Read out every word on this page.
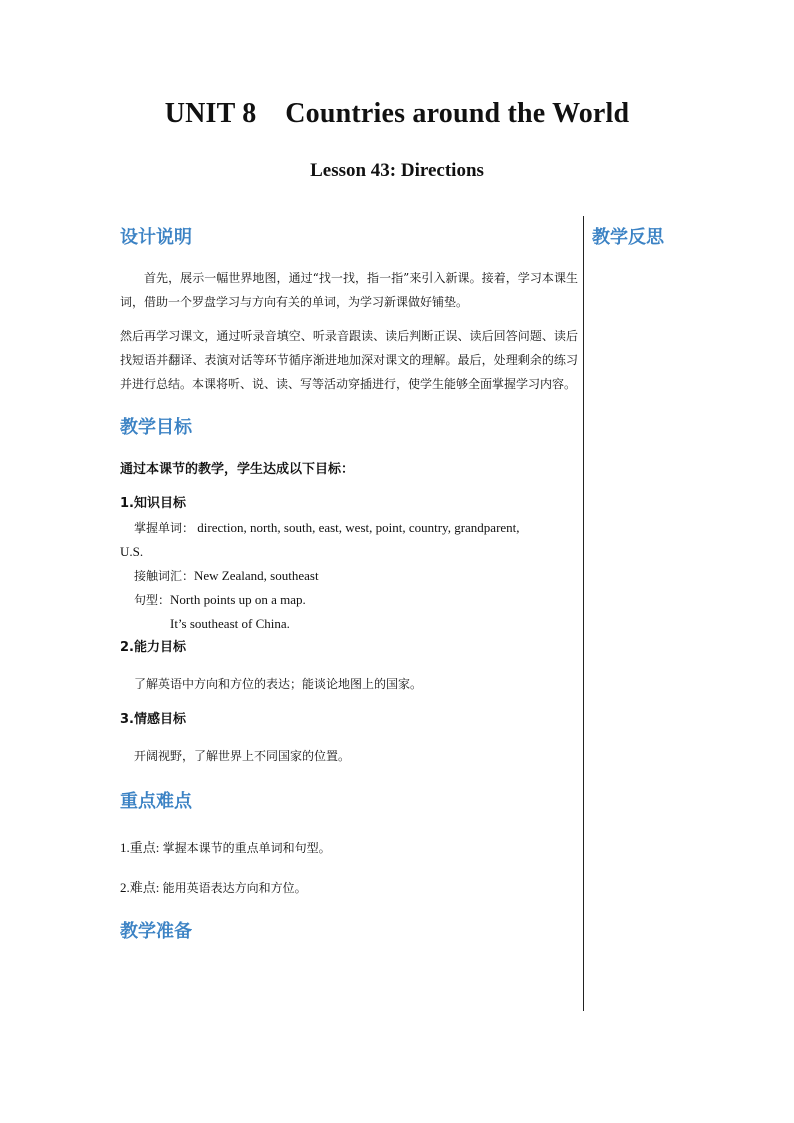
UNIT 8    Countries around the World
Lesson 43: Directions
设计说明

首先，展示一幅世界地图，通过“找一找，指一指”来引入新课。接着，学习本课生词，借助一个罗盘学习与方向有关的单词，为学习新课做好铺垫。

然后再学习课文，通过听录音填空、听录音跟读、读后判断正误、读后回答问题、读后找短语并翻译、表演对话等环节循序渐进地加深对课文的理解。最后，处理剩余的练习并进行总结。本课将听、说、读、写等活动穿插进行，使学生能够全面掌握学习内容。

教学目标

通过本课节的教学，学生达成以下目标：

1.知识目标

掌握单词： direction, north, south, east, west, point, country, grandparent,

U.S.

接触词汇：New Zealand, southeast

句型：North points up on a map.

It’s southeast of China.

2.能力目标

了解英语中方向和方位的表达；能谈论地图上的国家。

3.情感目标

开阔视野，了解世界上不同国家的位置。

重点难点

1.重点: 掌握本课节的重点单词和句型。

2.难点: 能用英语表达方向和方位。

教学准备
教学反思
